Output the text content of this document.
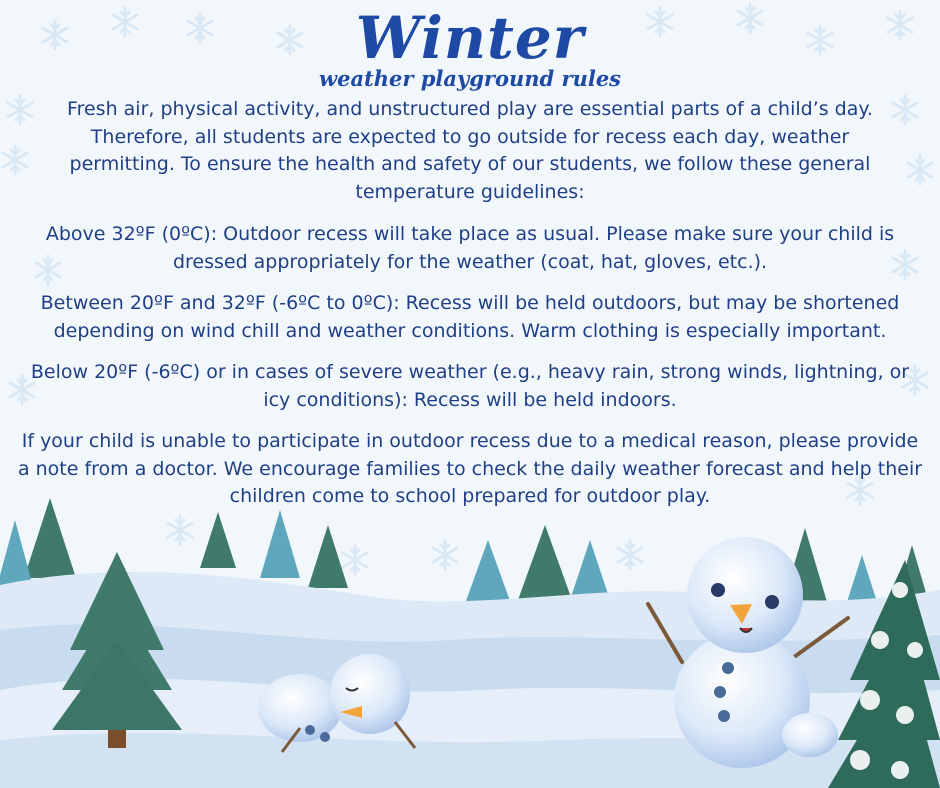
Winter
weather playground rules

Fresh air, physical activity, and unstructured play are essential parts of a child’s day. Therefore, all students are expected to go outside for recess each day, weather permitting. To ensure the health and safety of our students, we follow these general temperature guidelines:

Above 32ºF (0ºC): Outdoor recess will take place as usual. Please make sure your child is dressed appropriately for the weather (coat, hat, gloves, etc.).

Between 20ºF and 32ºF (-6ºC to 0ºC): Recess will be held outdoors, but may be shortened depending on wind chill and weather conditions. Warm clothing is especially important.

Below 20ºF (-6ºC) or in cases of severe weather (e.g., heavy rain, strong winds, lightning, or icy conditions): Recess will be held indoors.

If your child is unable to participate in outdoor recess due to a medical reason, please provide a note from a doctor. We encourage families to check the daily weather forecast and help their children come to school prepared for outdoor play.
